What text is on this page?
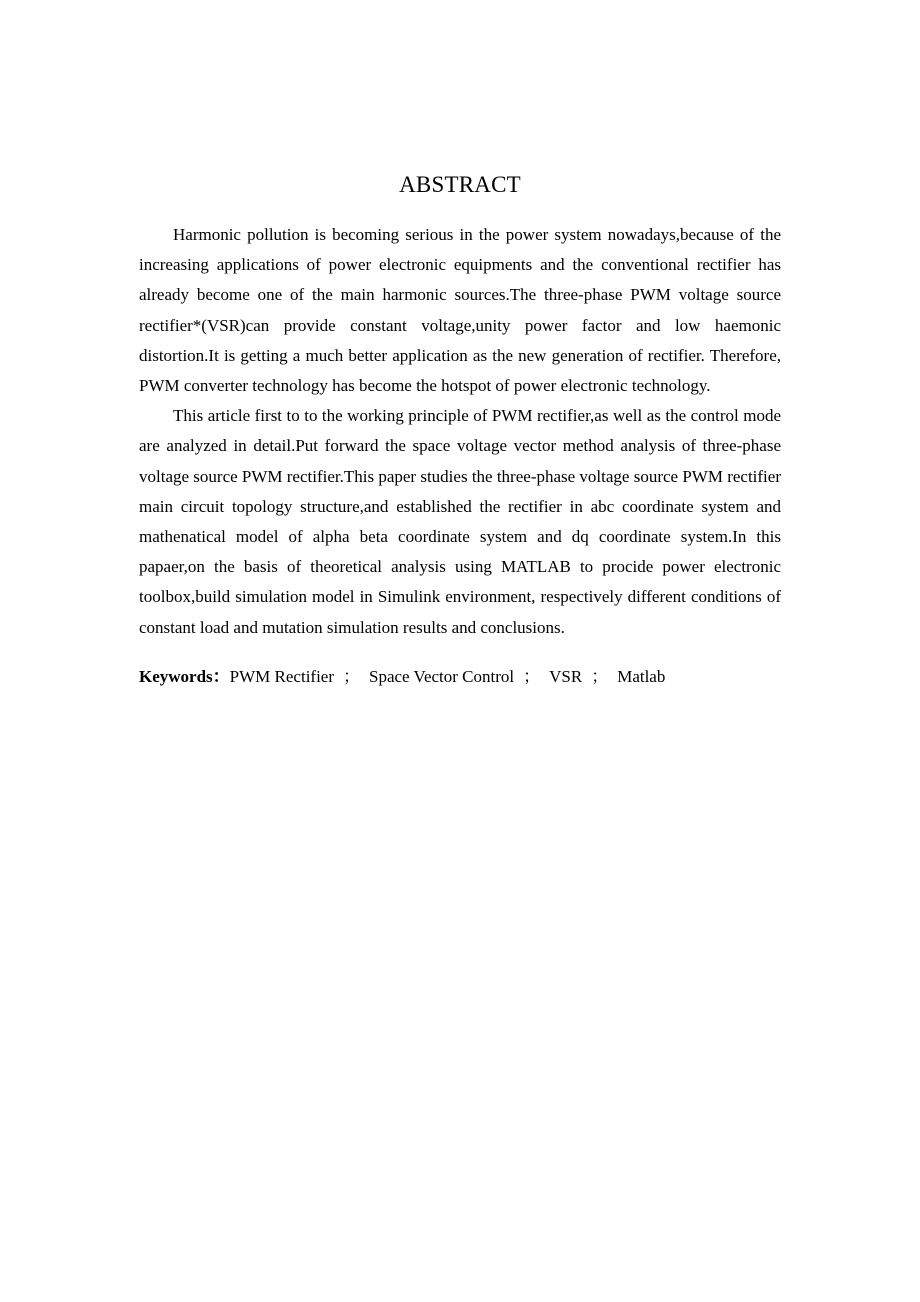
ABSTRACT

Harmonic pollution is becoming serious in the power system nowadays,because of the increasing applications of power electronic equipments and the conventional rectifier has already become one of the main harmonic sources.The three-phase PWM voltage source rectifier*(VSR)can provide constant voltage,unity power factor and low haemonic distortion.It is getting a much better application as the new generation of rectifier. Therefore, PWM converter technology has become the hotspot of power electronic technology.

This article first to to the working principle of PWM rectifier,as well as the control mode are analyzed in detail.Put forward the space voltage vector method analysis of three-phase voltage source PWM rectifier.This paper studies the three-phase voltage source PWM rectifier main circuit topology structure,and established the rectifier in abc coordinate system and mathenatical model of alpha beta coordinate system and dq coordinate system.In this papaer,on the basis of theoretical analysis using MATLAB to procide power electronic toolbox,build simulation model in Simulink environment, respectively different conditions of constant load and mutation simulation results and conclusions.

Keywords：PWM Rectifier ； Space Vector Control ； VSR ； Matlab
